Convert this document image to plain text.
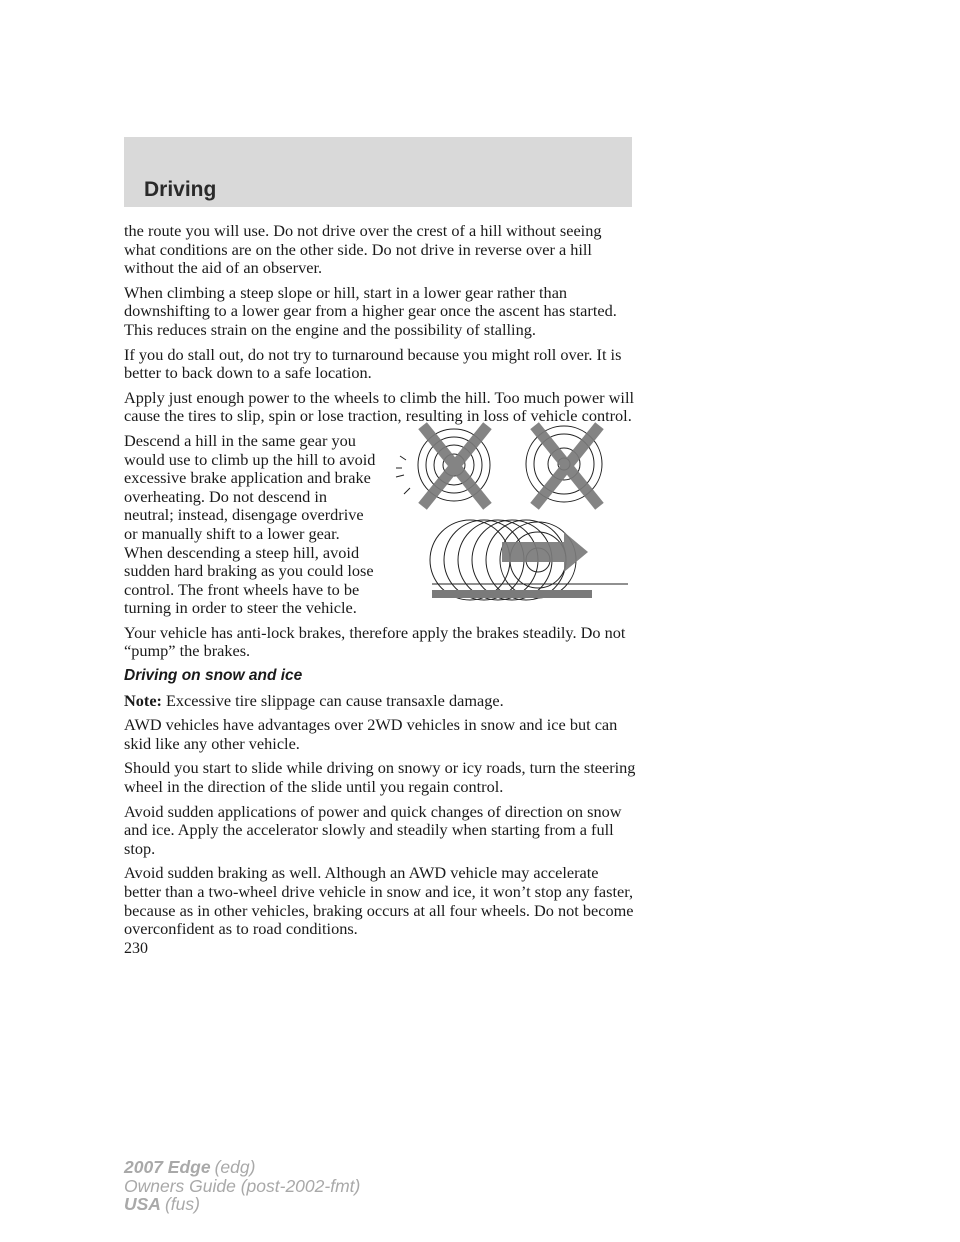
Driving

the route you will use. Do not drive over the crest of a hill without seeing what conditions are on the other side. Do not drive in reverse over a hill without the aid of an observer.

When climbing a steep slope or hill, start in a lower gear rather than downshifting to a lower gear from a higher gear once the ascent has started. This reduces strain on the engine and the possibility of stalling.

If you do stall out, do not try to turnaround because you might roll over. It is better to back down to a safe location.

Apply just enough power to the wheels to climb the hill. Too much power will cause the tires to slip, spin or lose traction, resulting in loss of vehicle control.

Descend a hill in the same gear you would use to climb up the hill to avoid excessive brake application and brake overheating. Do not descend in neutral; instead, disengage overdrive or manually shift to a lower gear. When descending a steep hill, avoid sudden hard braking as you could lose control. The front wheels have to be turning in order to steer the vehicle.

Your vehicle has anti-lock brakes, therefore apply the brakes steadily. Do not “pump” the brakes.

Driving on snow and ice

Note: Excessive tire slippage can cause transaxle damage.

AWD vehicles have advantages over 2WD vehicles in snow and ice but can skid like any other vehicle.

Should you start to slide while driving on snowy or icy roads, turn the steering wheel in the direction of the slide until you regain control.

Avoid sudden applications of power and quick changes of direction on snow and ice. Apply the accelerator slowly and steadily when starting from a full stop.

Avoid sudden braking as well. Although an AWD vehicle may accelerate better than a two-wheel drive vehicle in snow and ice, it won’t stop any faster, because as in other vehicles, braking occurs at all four wheels. Do not become overconfident as to road conditions.

230
2007 Edge (edg)
Owners Guide (post-2002-fmt)
USA (fus)
